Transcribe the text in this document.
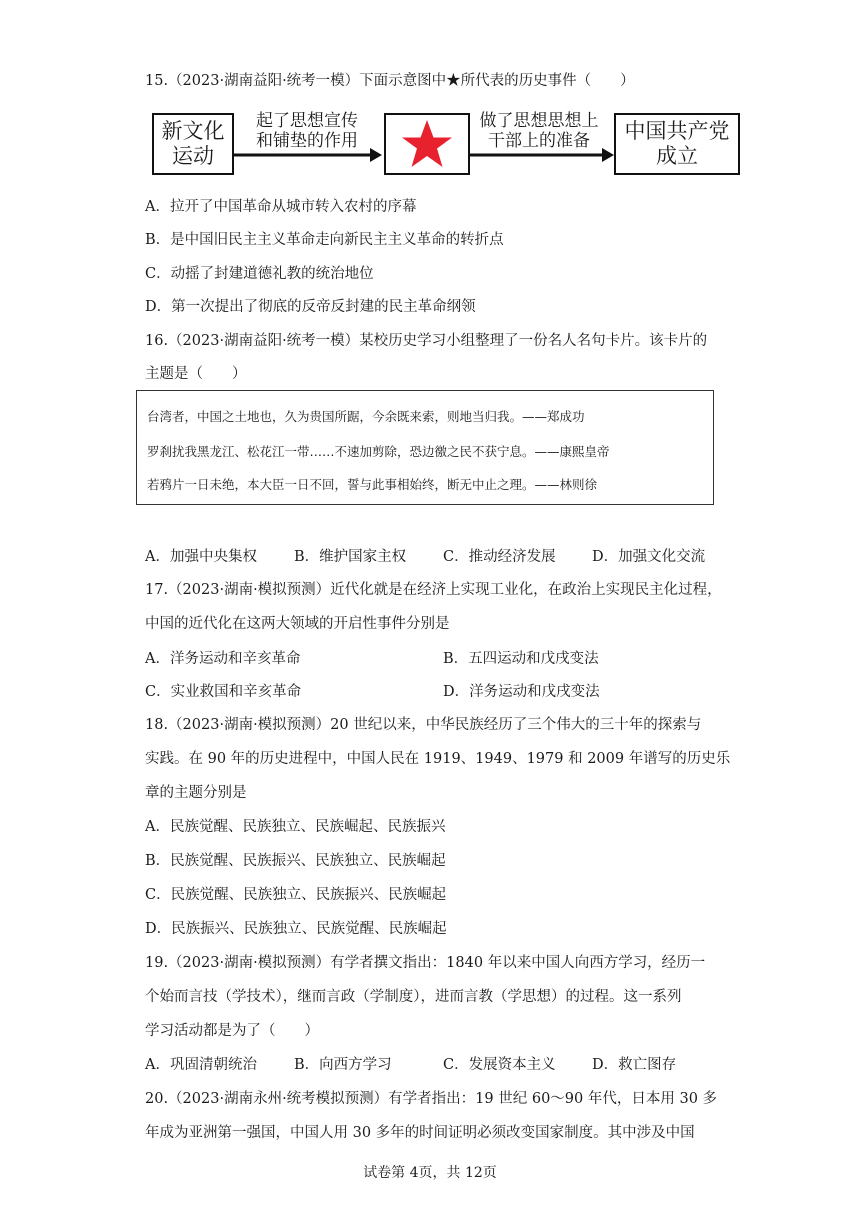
15.（2023·湖南益阳·统考一模）下面示意图中★所代表的历史事件（　　）
新文化
运动
起了思想宣传
和铺垫的作用
做了思想思想上
干部上的准备	中国共产党
成立
A．拉开了中国革命从城市转入农村的序幕
B．是中国旧民主主义革命走向新民主主义革命的转折点
C．动摇了封建道德礼教的统治地位
D．第一次提出了彻底的反帝反封建的民主革命纲领
16.（2023·湖南益阳·统考一模）某校历史学习小组整理了一份名人名句卡片。该卡片的
主题是（　　）
台湾者，中国之土地也，久为贵国所踞，今余既来索，则地当归我。——郑成功
罗刹扰我黑龙江、松花江一带……不速加剪除，恐边徼之民不获宁息。——康熙皇帝
若鸦片一日未绝，本大臣一日不回，誓与此事相始终，断无中止之理。——林则徐
A．加强中央集权	B．维护国家主权	C．推动经济发展	D．加强文化交流
17.（2023·湖南·模拟预测）近代化就是在经济上实现工业化，在政治上实现民主化过程，
中国的近代化在这两大领域的开启性事件分别是
A．洋务运动和辛亥革命	B．五四运动和戊戌变法
C．实业救国和辛亥革命	D．洋务运动和戊戌变法
18.（2023·湖南·模拟预测）20 世纪以来，中华民族经历了三个伟大的三十年的探索与
实践。在 90 年的历史进程中，中国人民在 1919、1949、1979 和 2009 年谱写的历史乐
章的主题分别是
A．民族觉醒、民族独立、民族崛起、民族振兴
B．民族觉醒、民族振兴、民族独立、民族崛起
C．民族觉醒、民族独立、民族振兴、民族崛起
D．民族振兴、民族独立、民族觉醒、民族崛起
19.（2023·湖南·模拟预测）有学者撰文指出：1840 年以来中国人向西方学习，经历一
个始而言技（学技术），继而言政（学制度），进而言教（学思想）的过程。这一系列
学习活动都是为了（　　）
A．巩固清朝统治	B．向西方学习	C．发展资本主义	D．救亡图存
20.（2023·湖南永州·统考模拟预测）有学者指出：19 世纪 60～90 年代，日本用 30 多
年成为亚洲第一强国，中国人用 30 多年的时间证明必须改变国家制度。其中涉及中国
试卷第 4页，共 12页
